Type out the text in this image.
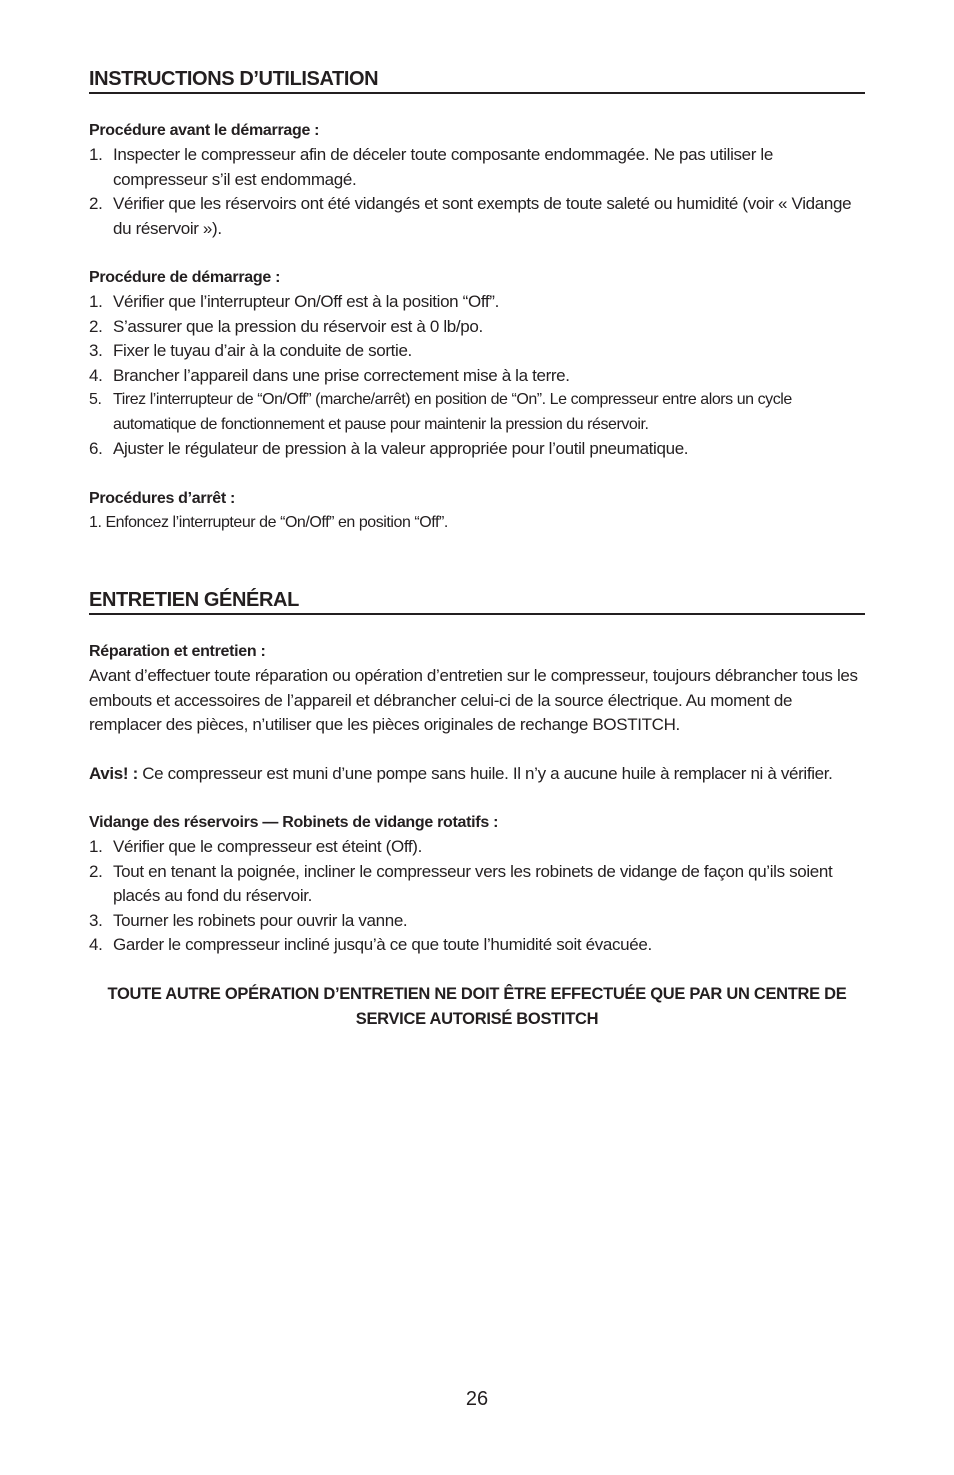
INSTRUCTIONS D’UTILISATION
Procédure avant le démarrage :
1. Inspecter le compresseur afin de déceler toute composante endommagée. Ne pas utiliser le compresseur s’il est endommagé.
2. Vérifier que les réservoirs ont été vidangés et sont exempts de toute saleté ou humidité (voir « Vidange du réservoir »).
Procédure de démarrage :
1. Vérifier que l’interrupteur On/Off est à la position “Off”.
2. S’assurer que la pression du réservoir est à 0 lb/po.
3. Fixer le tuyau d’air à la conduite de sortie.
4. Brancher l’appareil dans une prise correctement mise à la terre.
5. Tirez l’interrupteur de “On/Off” (marche/arrêt) en position de “On”. Le compresseur entre alors un cycle automatique de fonctionnement et pause pour maintenir la pression du réservoir.
6. Ajuster le régulateur de pression à la valeur appropriée pour l’outil pneumatique.
Procédures d’arrêt :
1. Enfoncez l’interrupteur de “On/Off” en position “Off”.
ENTRETIEN GÉNÉRAL
Réparation et entretien :
Avant d’effectuer toute réparation ou opération d’entretien sur le compresseur, toujours débrancher tous les embouts et accessoires de l’appareil et débrancher celui-ci de la source électrique. Au moment de remplacer des pièces, n’utiliser que les pièces originales de rechange BOSTITCH.
Avis! : Ce compresseur est muni d’une pompe sans huile. Il n’y a aucune huile à remplacer ni à vérifier.
Vidange des réservoirs — Robinets de vidange rotatifs :
1. Vérifier que le compresseur est éteint (Off).
2. Tout en tenant la poignée, incliner le compresseur vers les robinets de vidange de façon qu’ils soient placés au fond du réservoir.
3. Tourner les robinets pour ouvrir la vanne.
4. Garder le compresseur incliné jusqu’à ce que toute l’humidité soit évacuée.
TOUTE AUTRE OPÉRATION D’ENTRETIEN NE DOIT ÊTRE EFFECTUÉE QUE PAR UN CENTRE DE SERVICE AUTORISÉ BOSTITCH
26
